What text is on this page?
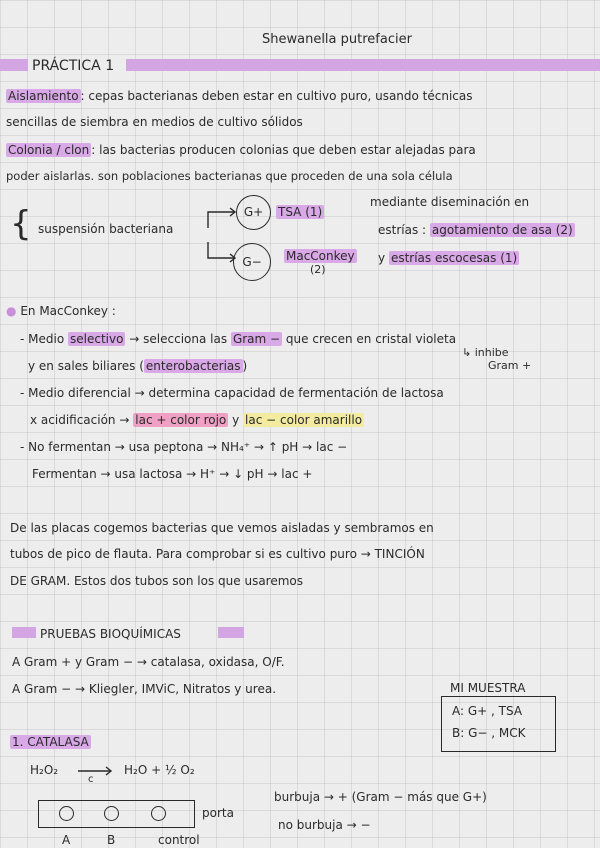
Shewanella putrefacier
PRÁCTICA 1
Aislamiento : cepas bacterianas deben estar en cultivo puro, usando técnicas
sencillas de siembra en medios de cultivo sólidos
Colonia / clon : las bacterias producen colonias que deben estar alejadas para
poder aislarlas. son poblaciones bacterianas que proceden de una sola célula
{ suspensión bacteriana
G+
G−
TSA (1)
MacConkey
(2)
mediante diseminación en
estrías : agotamiento de asa (2)
y estrías escocesas (1)
● En MacConkey :
- Medio selectivo → selecciona las Gram − que crecen en cristal violeta
↳ inhibe
y en sales biliares ( enterobacterias )	Gram +
- Medio diferencial → determina capacidad de fermentación de lactosa
x acidificación → lac + color rojo y lac − color amarillo
- No fermentan → usa peptona → NH₄⁺ → ↑ pH → lac −
Fermentan → usa lactosa → H⁺ → ↓ pH → lac +
De las placas cogemos bacterias que vemos aisladas y sembramos en
tubos de pico de flauta. Para comprobar si es cultivo puro → TINCIÓN
DE GRAM. Estos dos tubos son los que usaremos
PRUEBAS BIOQUÍMICAS
A Gram + y Gram − → catalasa, oxidasa, O/F.
A Gram − → Kliegler, IMViC, Nitratos y urea.	MI MUESTRA
A: G+ , TSA
B: G− , MCK
1. CATALASA
H₂O₂ →
c
H₂O + ½ O₂
porta
A	B	control
burbuja → + (Gram − más que G+)
no burbuja → −
